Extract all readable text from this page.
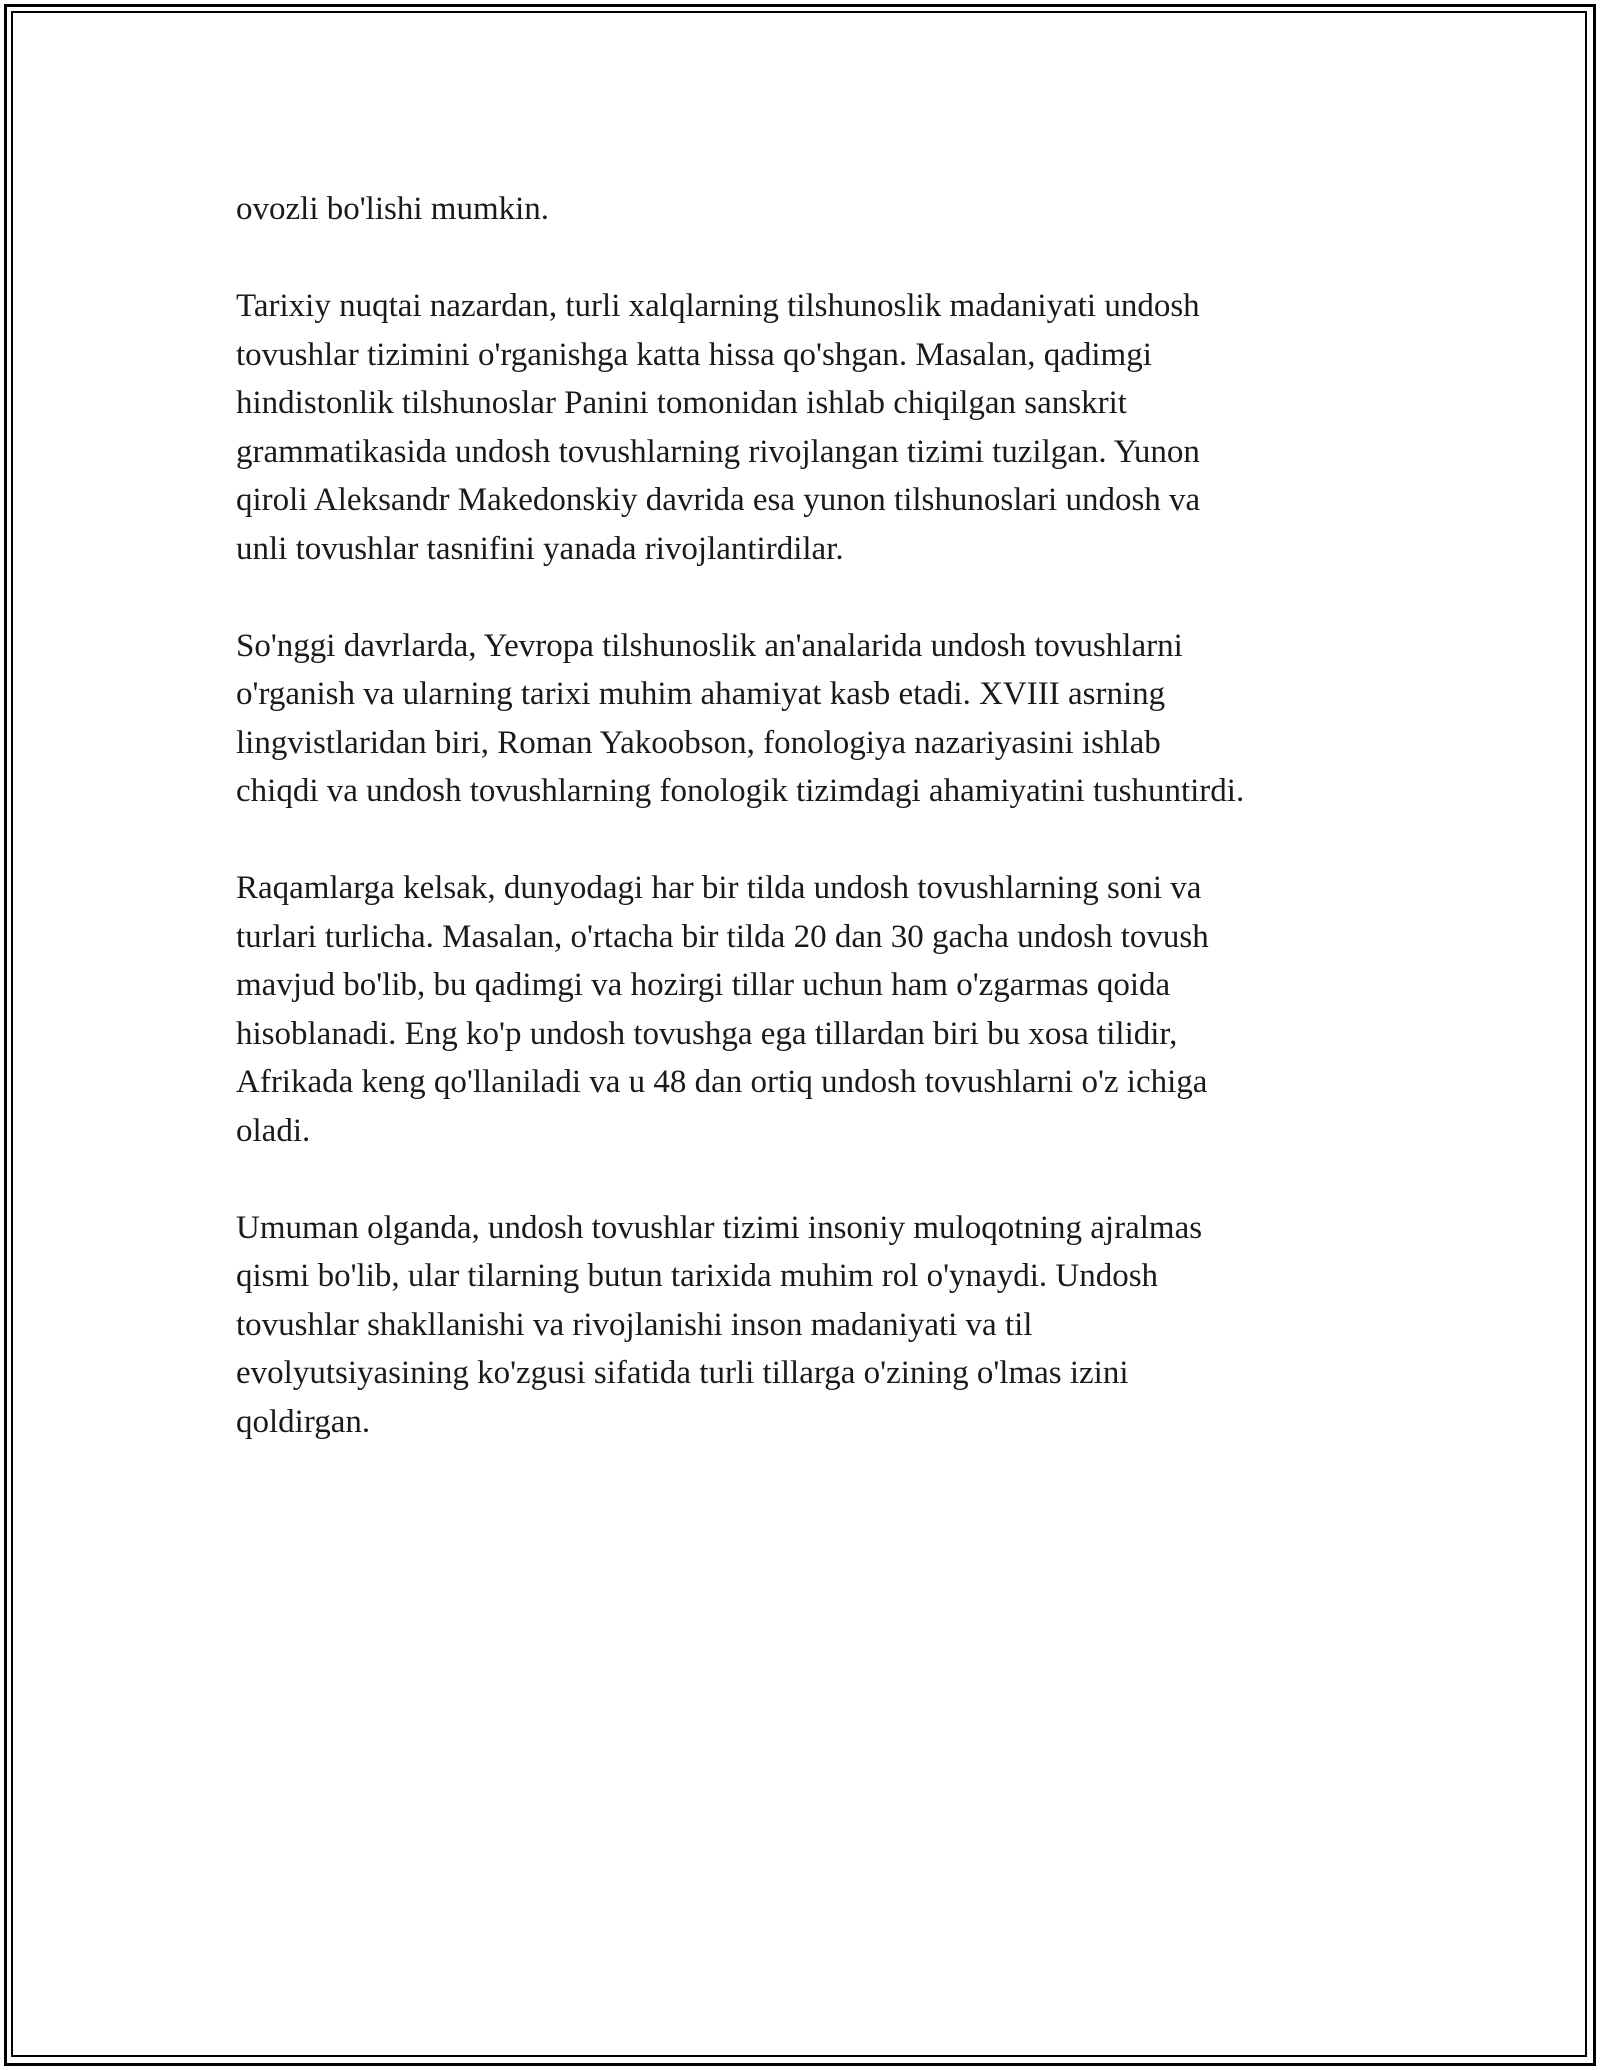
ovozli bo'lishi mumkin.

Tarixiy nuqtai nazardan, turli xalqlarning tilshunoslik madaniyati undosh
tovushlar tizimini o'rganishga katta hissa qo'shgan. Masalan, qadimgi
hindistonlik tilshunoslar Panini tomonidan ishlab chiqilgan sanskrit
grammatikasida undosh tovushlarning rivojlangan tizimi tuzilgan. Yunon
qiroli Aleksandr Makedonskiy davrida esa yunon tilshunoslari undosh va
unli tovushlar tasnifini yanada rivojlantirdilar.

So'nggi davrlarda, Yevropa tilshunoslik an'analarida undosh tovushlarni
o'rganish va ularning tarixi muhim ahamiyat kasb etadi. XVIII asrning
lingvistlaridan biri, Roman Yakoobson, fonologiya nazariyasini ishlab
chiqdi va undosh tovushlarning fonologik tizimdagi ahamiyatini tushuntirdi.

Raqamlarga kelsak, dunyodagi har bir tilda undosh tovushlarning soni va
turlari turlicha. Masalan, o'rtacha bir tilda 20 dan 30 gacha undosh tovush
mavjud bo'lib, bu qadimgi va hozirgi tillar uchun ham o'zgarmas qoida
hisoblanadi. Eng ko'p undosh tovushga ega tillardan biri bu xosa tilidir,
Afrikada keng qo'llaniladi va u 48 dan ortiq undosh tovushlarni o'z ichiga
oladi.

Umuman olganda, undosh tovushlar tizimi insoniy muloqotning ajralmas
qismi bo'lib, ular tilarning butun tarixida muhim rol o'ynaydi. Undosh
tovushlar shakllanishi va rivojlanishi inson madaniyati va til
evolyutsiyasining ko'zgusi sifatida turli tillarga o'zining o'lmas izini
qoldirgan.
